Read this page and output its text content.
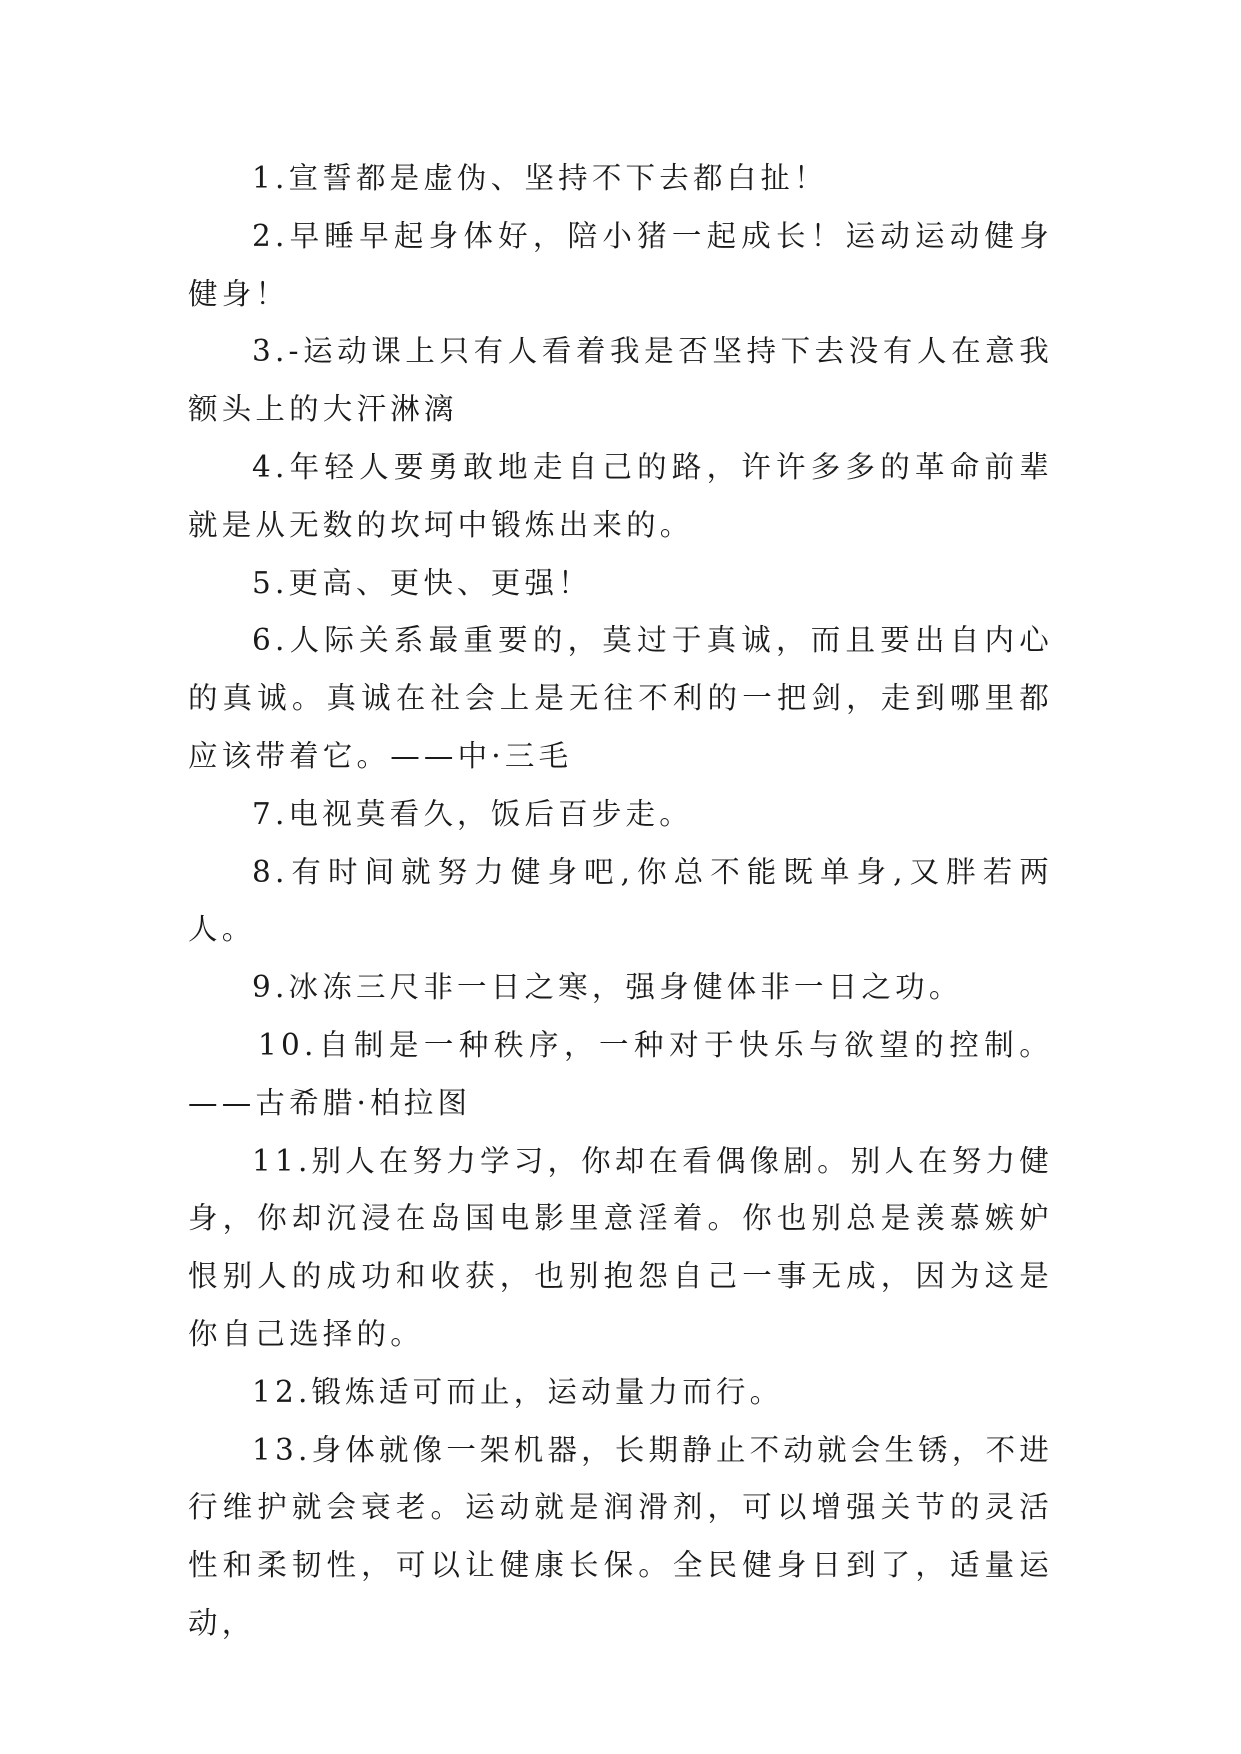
1.宣誓都是虚伪、坚持不下去都白扯！

2.早睡早起身体好，陪小猪一起成长！运动运动健身健身！

3.-运动课上只有人看着我是否坚持下去没有人在意我额头上的大汗淋漓

4.年轻人要勇敢地走自己的路，许许多多的革命前辈就是从无数的坎坷中锻炼出来的。

5.更高、更快、更强！

6.人际关系最重要的，莫过于真诚，而且要出自内心的真诚。真诚在社会上是无往不利的一把剑，走到哪里都应该带着它。——中·三毛

7.电视莫看久，饭后百步走。

8.有时间就努力健身吧,你总不能既单身,又胖若两人。

9.冰冻三尺非一日之寒，强身健体非一日之功。

10.自制是一种秩序，一种对于快乐与欲望的控制。——古希腊·柏拉图

11.别人在努力学习，你却在看偶像剧。别人在努力健身，你却沉浸在岛国电影里意淫着。你也别总是羡慕嫉妒恨别人的成功和收获，也别抱怨自己一事无成，因为这是你自己选择的。

12.锻炼适可而止，运动量力而行。

13.身体就像一架机器，长期静止不动就会生锈，不进行维护就会衰老。运动就是润滑剂，可以增强关节的灵活性和柔韧性，可以让健康长保。全民健身日到了，适量运动，
